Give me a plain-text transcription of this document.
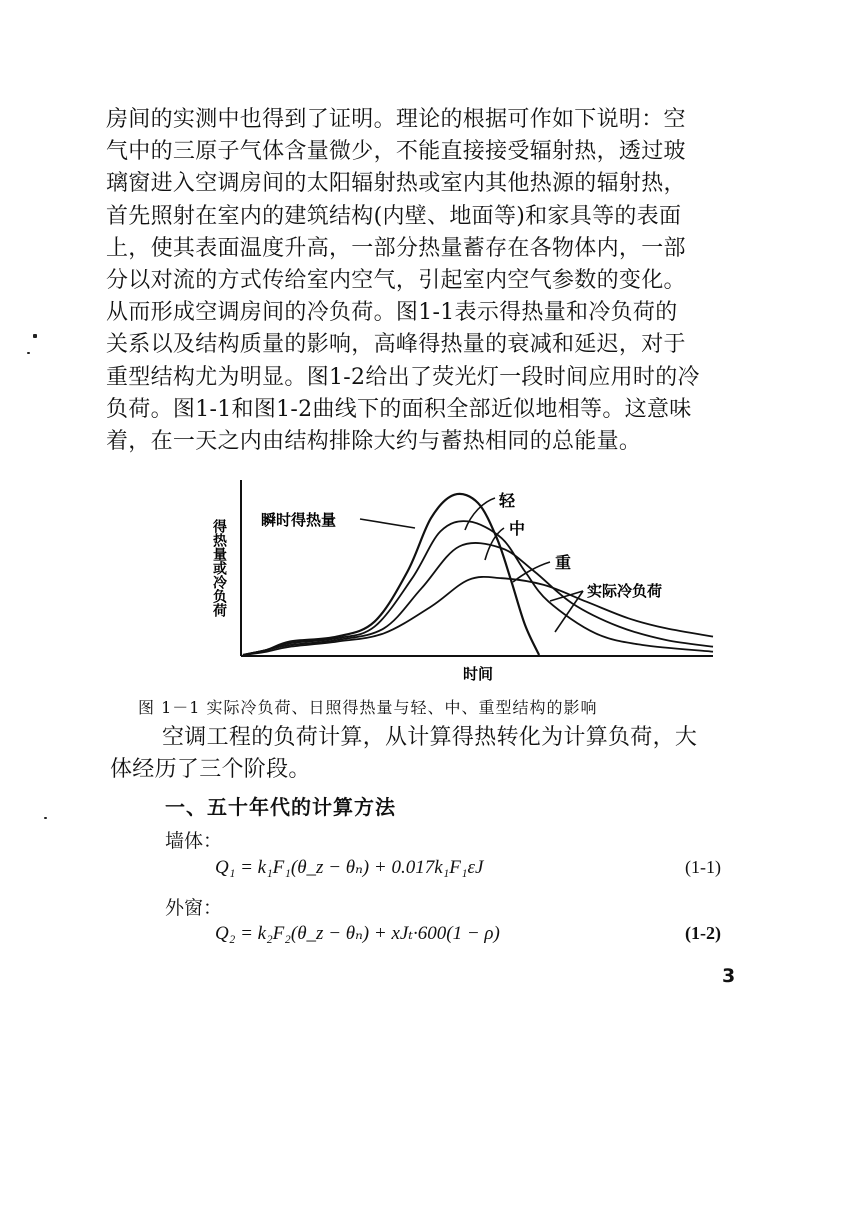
房间的实测中也得到了证明。理论的根据可作如下说明：空
气中的三原子气体含量微少，不能直接接受辐射热，透过玻
璃窗进入空调房间的太阳辐射热或室内其他热源的辐射热，
首先照射在室内的建筑结构(内壁、地面等)和家具等的表面
上，使其表面温度升高，一部分热量蓄存在各物体内，一部
分以对流的方式传给室内空气，引起室内空气参数的变化。
从而形成空调房间的冷负荷。图1-1表示得热量和冷负荷的
关系以及结构质量的影响，高峰得热量的衰减和延迟，对于
重型结构尤为明显。图1-2给出了荧光灯一段时间应用时的冷
负荷。图1-1和图1-2曲线下的面积全部近似地相等。这意味
着，在一天之内由结构排除大约与蓄热相同的总能量。
得热量或冷负荷
时间
瞬时得热量
轻
中
重
实际冷负荷
图 1－1 实际冷负荷、日照得热量与轻、中、重型结构的影响
空调工程的负荷计算，从计算得热转化为计算负荷，大
体经历了三个阶段。
一、五十年代的计算方法
墙体：
Q₁ = k₁F₁(θ_z − θₙ) + 0.017k₁F₁εJ	(1-1)
外窗：
Q₂ = k₂F₂(θ_z − θₙ) + xJₜ·600(1 − ρ)	(1-2)
3
